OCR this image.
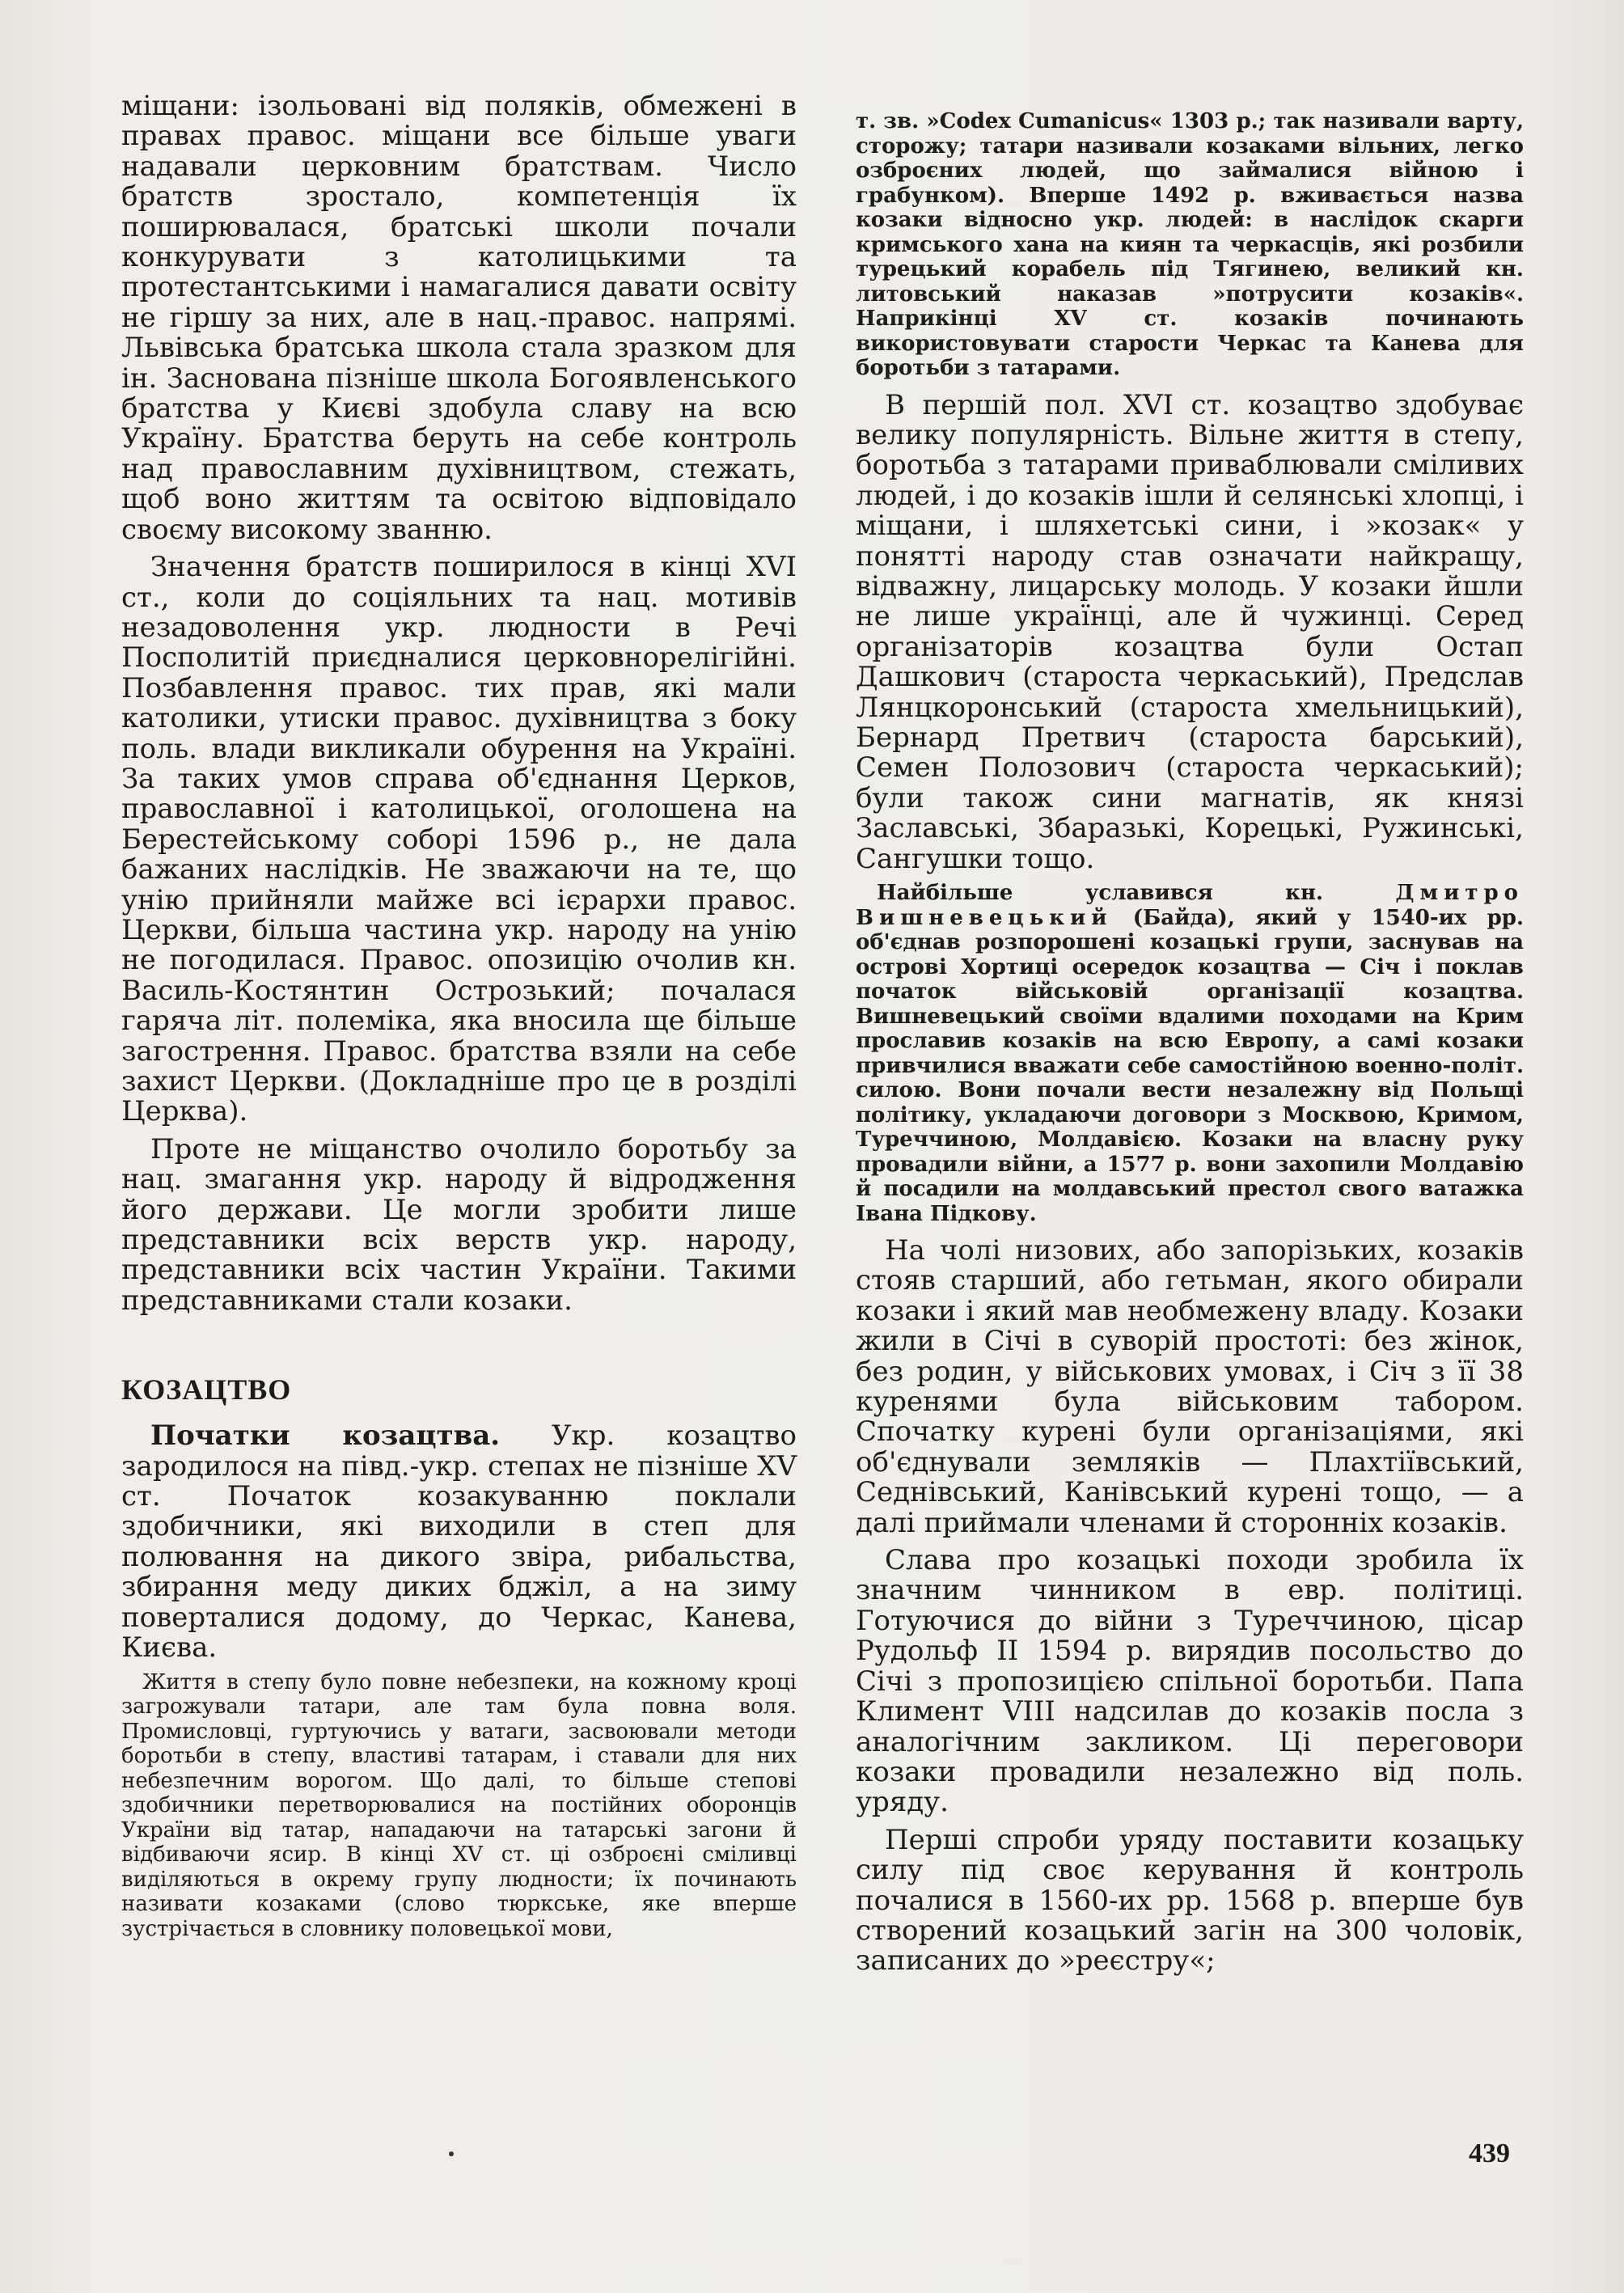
міщани: ізольовані від поляків, обмежені в правах правос. міщани все більше уваги надавали церковним братствам. Число братств зростало, компетенція їх поширювалася, братські школи почали конкурувати з католицькими та протестантськими і намагалися давати освіту не гіршу за них, але в нац.-правос. напрямі. Львівська братська школа стала зразком для ін. Заснована пізніше школа Богоявленського братства у Києві здобула славу на всю Україну. Братства беруть на себе контроль над православним духівництвом, стежать, щоб воно життям та освітою відповідало своєму високому званню.

Значення братств поширилося в кінці XVI ст., коли до соціяльних та нац. мотивів незадоволення укр. людности в Речі Посполитій приєдналися церковнорелігійні. Позбавлення правос. тих прав, які мали католики, утиски правос. духівництва з боку поль. влади викликали обурення на Україні. За таких умов справа об'єднання Церков, православної і католицької, оголошена на Берестейському соборі 1596 р., не дала бажаних наслідків. Не зважаючи на те, що унію прийняли майже всі ієрархи правос. Церкви, більша частина укр. народу на унію не погодилася. Правос. опозицію очолив кн. Василь-Костянтин Острозький; почалася гаряча літ. полеміка, яка вносила ще більше загострення. Правос. братства взяли на себе захист Церкви. (Докладніше про це в розділі Церква).

Проте не міщанство очолило боротьбу за нац. змагання укр. народу й відродження його держави. Це могли зробити лише представники всіх верств укр. народу, представники всіх частин України. Такими представниками стали козаки.

КОЗАЦТВО

Початки козацтва. Укр. козацтво зародилося на півд.-укр. степах не пізніше XV ст. Початок козакуванню поклали здобичники, які виходили в степ для полювання на дикого звіра, рибальства, збирання меду диких бджіл, а на зиму поверталися додому, до Черкас, Канева, Києва.

Життя в степу було повне небезпеки, на кожному кроці загрожували татари, але там була повна воля. Промисловці, гуртуючись у ватаги, засвоювали методи боротьби в степу, властиві татарам, і ставали для них небезпечним ворогом. Що далі, то більше степові здобичники перетворювалися на постійних оборонців України від татар, нападаючи на татарські загони й відбиваючи ясир. В кінці XV ст. ці озброєні сміливці виділяються в окрему групу людности; їх починають називати козаками (слово тюркське, яке вперше зустрічається в словнику половецької мови,

т. зв. »Codex Cumanicus« 1303 р.; так називали варту, сторожу; татари називали козаками вільних, легко озброєних людей, що займалися війною і грабунком). Вперше 1492 р. вживається назва козаки відносно укр. людей: в наслідок скарги кримського хана на киян та черкасців, які розбили турецький корабель під Тягинею, великий кн. литовський наказав »потрусити козаків«. Наприкінці XV ст. козаків починають використовувати старости Черкас та Канева для боротьби з татарами.

В першій пол. XVI ст. козацтво здобуває велику популярність. Вільне життя в степу, боротьба з татарами приваблювали сміливих людей, і до козаків ішли й селянські хлопці, і міщани, і шляхетські сини, і »козак« у понятті народу став означати найкращу, відважну, лицарську молодь. У козаки йшли не лише українці, але й чужинці. Серед організаторів козацтва були Остап Дашкович (староста черкаський), Предслав Лянцкоронський (староста хмельницький), Бернард Претвич (староста барський), Семен Полозович (староста черкаський); були також сини магнатів, як князі Заславські, Збаразькі, Корецькі, Ружинські, Сангушки тощо.

Найбільше уславився кн. Дмитро Вишневецький (Байда), який у 1540-их рр. об'єднав розпорошені козацькі групи, заснував на острові Хортиці осередок козацтва — Січ і поклав початок військовій організації козацтва. Вишневецький своїми вдалими походами на Крим прославив козаків на всю Европу, а самі козаки привчилися вважати себе самостійною военно-політ. силою. Вони почали вести незалежну від Польщі політику, укладаючи договори з Москвою, Кримом, Туреччиною, Молдавією. Козаки на власну руку провадили війни, а 1577 р. вони захопили Молдавію й посадили на молдавський престол свого ватажка Івана Підкову.

На чолі низових, або запорізьких, козаків стояв старший, або гетьман, якого обирали козаки і який мав необмежену владу. Козаки жили в Січі в суворій простоті: без жінок, без родин, у військових умовах, і Січ з її 38 куренями була військовим табором. Спочатку курені були організаціями, які об'єднували земляків — Плахтіївський, Седнівський, Канівський курені тощо, — а далі приймали членами й сторонніх козаків.

Слава про козацькі походи зробила їх значним чинником в евр. політиці. Готуючися до війни з Туреччиною, цісар Рудольф II 1594 р. вирядив посольство до Січі з пропозицією спільної боротьби. Папа Климент VIII надсилав до козаків посла з аналогічним закликом. Ці переговори козаки провадили незалежно від поль. уряду.

Перші спроби уряду поставити козацьку силу під своє керування й контроль почалися в 1560-их рр. 1568 р. вперше був створений козацький загін на 300 чоловік, записаних до »реєстру«;

439
